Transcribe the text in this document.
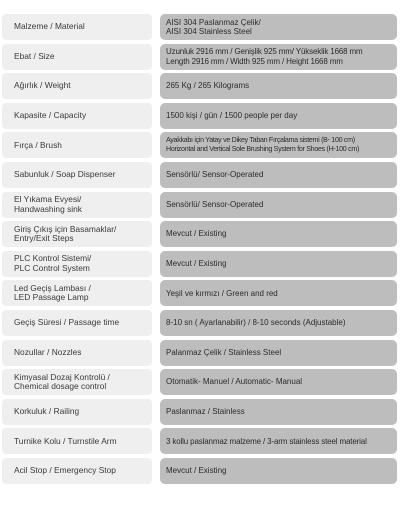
Malzeme / Material	AISI 304 Paslanmaz Çelik/
AISI 304 Stainless Steel
Ebat / Size	Uzunluk 2916 mm / Genişlik 925 mm/ Yükseklik 1668 mm
Length 2916 mm / Width 925 mm / Height 1668 mm
Ağırlık / Weight	265 Kg / 265 Kilograms
Kapasite / Capacity	1500 kişi / gün / 1500 people per day
Fırça / Brush	Ayakkabı için Yatay ve Dikey Taban Fırçalama sistemi (B- 100 cm)
Horizontal and Vertical Sole Brushing System for Shoes (H-100 cm)
Sabunluk / Soap Dispenser	Sensörlü/ Sensor-Operated
El Yıkama Evyesi/
Handwashing sink	Sensörlü/ Sensor-Operated
Giriş Çıkış için Basamaklar/
Entry/Exit Steps	Mevcut / Existing
PLC Kontrol Sistemi/
PLC Control System	Mevcut / Existing
Led Geçiş Lambası /
LED Passage Lamp	Yeşil ve kırmızı / Green and red
Geçiş Süresi / Passage time	8-10 sn ( Ayarlanabilir) / 8-10 seconds (Adjustable)
Nozullar / Nozzles	Palanmaz Çelik / Stainless Steel
Kimyasal Dozaj Kontrolü /
Chemical dosage control	Otomatik- Manuel / Automatic- Manual
Korkuluk / Railing	Paslanmaz / Stainless
Turnike Kolu / Turnstile Arm	3 kollu paslanmaz malzeme / 3-arm stainless steel material
Acil Stop / Emergency Stop	Mevcut / Existing
